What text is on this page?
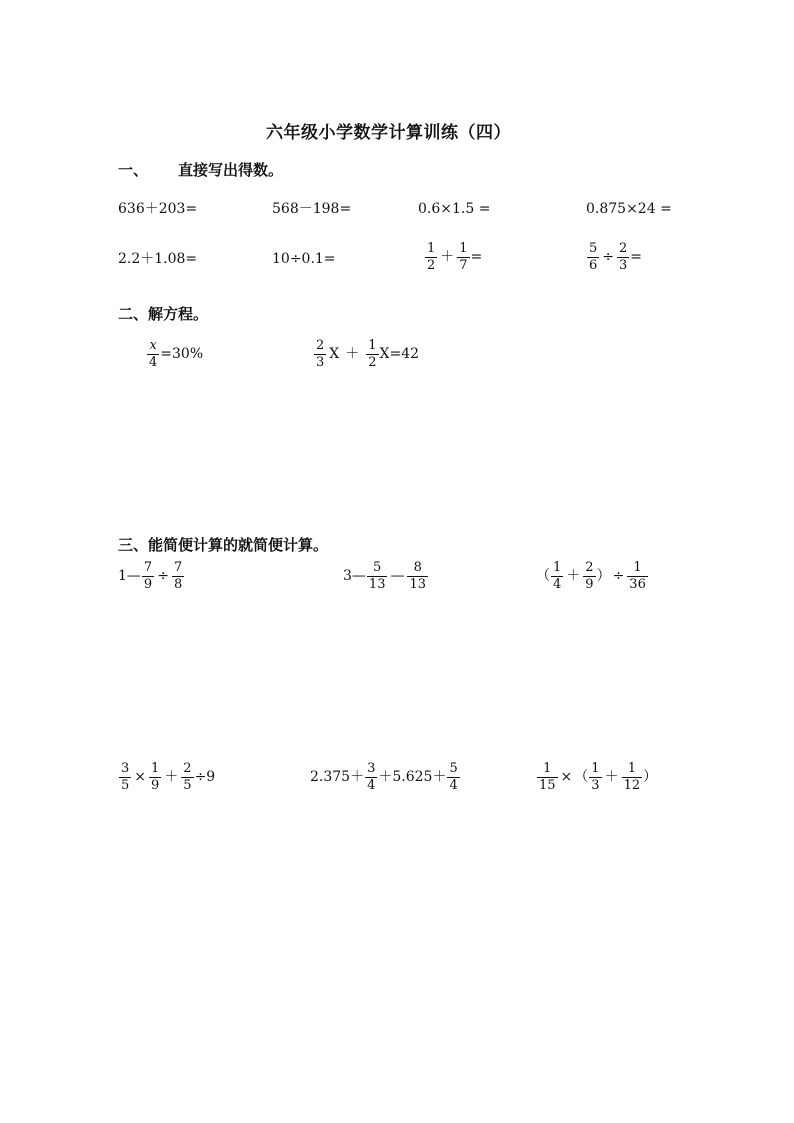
六年级小学数学计算训练（四）
一、 直接写出得数。
636＋203=	568－198=	0.6×1.5 =	0.875×24 =
2.2＋1.08=	10÷0.1=	$\frac{1}{2} + \frac{1}{7}$ =	$\frac{5}{6} \div \frac{2}{3}$ =
二、解方程。
$\frac{x}{4} =30\%$	$\frac{2}{3}$ $X + \frac{1}{2} X=42$
三、能简便计算的就简便计算。
1— $\frac{7}{9} \div \frac{7}{8}$	3— $\frac{5}{13}$ — $\frac{8}{13}$	（ $\frac{1}{4} + \frac{2}{9}$ ） ÷ $\frac{1}{36}$
$\frac{3}{5} \times \frac{1}{9} + \frac{2}{5} \div 9$	$2.375+ \frac{3}{4} +5.625+ \frac{5}{4}$	$\frac{1}{15}$ × （ $\frac{1}{3} + \frac{1}{12}$ ）
